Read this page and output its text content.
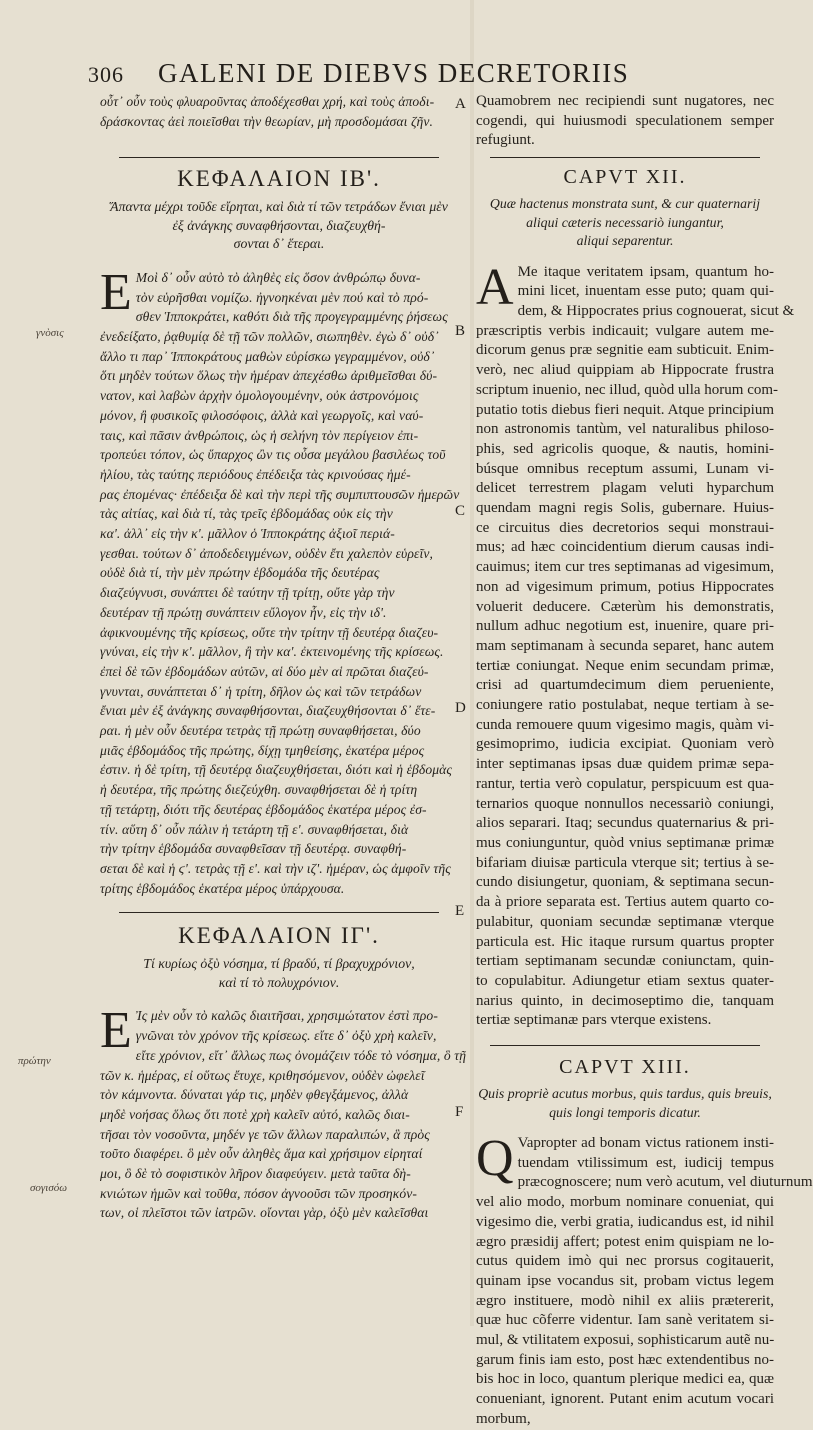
306 GALENI DE DIEBVS DECRETORIIS
A
B
C
D
E
F
γνὸσις
πρώτην
σογισόω
οὖτ᾽ οὖν τοὺς φλυαροῦντας ἀποδέχεσθαι χρή, καὶ τοὺς ἀποδι-
δράσκοντας ἀεὶ ποιεῖσθαι τὴν θεωρίαν, μὴ προσδομάσαι ζῆν.
ΚΕΦΑΛΑΙΟΝ ΙΒ'.
Ἅπαντα μέχρι τοῦδε εἴρηται, καὶ διὰ τί τῶν τετράδων ἔνιαι μὲν
ἐξ ἀνάγκης συναφθήσονται, διαζευχθή-
σονται δ᾽ ἕτεραι.
Ε Μοὶ δ᾽ οὖν αὐτὸ τὸ ἀληθὲς εἰς ὅσον ἀνθρώπῳ δυνα-
τὸν εὑρῆσθαι νομίζω. ἠγνοηκέναι μὲν πού καὶ τὸ πρό-
σθεν Ἱπποκράτει, καθότι διὰ τῆς προγεγραμμένης ῥήσεως
ἐνεδείξατο, ῥᾳθυμίᾳ δὲ τῇ τῶν πολλῶν, σιωπηθὲν. ἐγὼ δ᾽ οὐδ᾽
ἄλλο τι παρ᾽ Ἱπποκράτους μαθὼν εὑρίσκω γεγραμμένον, οὐδ᾽
ὅτι μηδὲν τούτων ὅλως τὴν ἡμέραν ἀπεχέσθω ἀριθμεῖσθαι δύ-
νατον, καὶ λαβὼν ἀρχὴν ὁμολογουμένην, οὐκ ἀστρονόμοις
μόνον, ἢ φυσικοῖς φιλοσόφοις, ἀλλὰ καὶ γεωργοῖς, καὶ ναύ-
ταις, καὶ πᾶσιν ἀνθρώποις, ὡς ἡ σελήνη τὸν περίγειον ἐπι-
τροπεύει τόπον, ὡς ὕπαρχος ὢν τις οὖσα μεγάλου βασιλέως τοῦ
ἡλίου, τὰς ταύτης περιόδους ἐπέδειξα τὰς κρινούσας ἡμέ-
ρας ἐπομένας· ἐπέδειξα δὲ καὶ τὴν περὶ τῆς συμπιπτουσῶν ἡμερῶν
τὰς αἰτίας, καὶ διὰ τί, τὰς τρεῖς ἑβδομάδας οὐκ εἰς τὴν
κα'. ἀλλ᾽ εἰς τὴν κ'. μᾶλλον ὁ Ἱπποκράτης ἀξιοῖ περιά-
γεσθαι. τούτων δ᾽ ἀποδεδειγμένων, οὐδὲν ἔτι χαλεπὸν εὑρεῖν,
οὐδὲ διὰ τί, τὴν μὲν πρώτην ἑβδομάδα τῆς δευτέρας
διαζεύγνυσι, συνάπτει δὲ ταύτην τῇ τρίτῃ, οὔτε γὰρ τὴν
δευτέραν τῇ πρώτῃ συνάπτειν εὔλογον ἦν, εἰς τὴν ιδ'.
ἀφικνουμένης τῆς κρίσεως, οὔτε τὴν τρίτην τῇ δευτέρᾳ διαζευ-
γνύναι, εἰς τὴν κ'. μᾶλλον, ἢ τὴν κα'. ἐκτεινομένης τῆς κρίσεως.
ἐπεὶ δὲ τῶν ἑβδομάδων αὐτῶν, αἱ δύο μὲν αἱ πρῶται διαζεύ-
γνυνται, συνάπτεται δ᾽ ἡ τρίτη, δῆλον ὡς καὶ τῶν τετράδων
ἔνιαι μὲν ἐξ ἀνάγκης συναφθήσονται, διαζευχθήσονται δ᾽ ἕτε-
ραι. ἡ μὲν οὖν δευτέρα τετρὰς τῇ πρώτῃ συναφθήσεται, δύο
μιᾶς ἑβδομάδος τῆς πρώτης, δίχῃ τμηθείσης, ἑκατέρα μέρος
ἐστιν. ἡ δὲ τρίτη, τῇ δευτέρᾳ διαζευχθήσεται, διότι καὶ ἡ ἑβδομὰς
ἡ δευτέρα, τῆς πρώτης διεζεύχθη. συναφθήσεται δὲ ἡ τρίτη
τῇ τετάρτῃ, διότι τῆς δευτέρας ἑβδομάδος ἑκατέρα μέρος ἐσ-
τίν. αὕτη δ᾽ οὖν πάλιν ἡ τετάρτη τῇ ε'. συναφθήσεται, διὰ
τὴν τρίτην ἑβδομάδα συναφθεῖσαν τῇ δευτέρᾳ. συναφθή-
σεται δὲ καὶ ἡ ϛ'. τετρὰς τῇ ε'. καὶ τὴν ιζ'. ἡμέραν, ὡς ἀμφοῖν τῆς
τρίτης ἑβδομάδος ἑκατέρα μέρος ὑπάρχουσα.
ΚΕΦΑΛΑΙΟΝ ΙΓ'.
Τί κυρίως ὀξὺ νόσημα, τί βραδύ, τί βραχυχρόνιον,
καὶ τί τὸ πολυχρόνιον.
Ε Ἰς μὲν οὖν τὸ καλῶς διαιτῆσαι, χρησιμώτατον ἐστὶ προ-
γνῶναι τὸν χρόνον τῆς κρίσεως. εἴτε δ᾽ ὀξὺ χρὴ καλεῖν,
εἴτε χρόνιον, εἴτ᾽ ἄλλως πως ὀνομάζειν τόδε τὸ νόσημα, ὃ τῇ
τῶν κ. ἡμέρας, εἰ οὕτως ἔτυχε, κριθησόμενον, οὐδὲν ὠφελεῖ
τὸν κάμνοντα. δύναται γάρ τις, μηδὲν φθεγξάμενος, ἀλλὰ
μηδὲ νοήσας ὅλως ὅτι ποτὲ χρὴ καλεῖν αὐτό, καλῶς διαι-
τῆσαι τὸν νοσοῦντα, μηδέν γε τῶν ἄλλων παραλιπών, ἃ πρὸς
τοῦτο διαφέρει. ὃ μὲν οὖν ἀληθὲς ἅμα καὶ χρήσιμον εἰρηταί
μοι, ὃ δὲ τὸ σοφιστικὸν λῆρον διαφεύγειν. μετὰ ταῦτα δὴ-
κνιώτων ἡμῶν καὶ τοῦθα, πόσον ἀγνοοῦσι τῶν προσηκόν-
των, οἱ πλεῖστοι τῶν ἰατρῶν. οἴονται γὰρ, ὀξὺ μὲν καλεῖσθαι
Quamobrem nec recipiendi sunt nugatores, nec
cogendi, qui huiusmodi speculationem semper
refugiunt.
CAPVT XII.
Quæ hactenus monstrata sunt, & cur quaternarij
aliqui cæteris necessariò iungantur,
aliqui separentur.
A Me itaque veritatem ipsam, quantum ho-
mini licet, inuentam esse puto; quam qui-
dem, & Hippocrates prius cognouerat, sicut &
præscriptis verbis indicauit; vulgare autem me-
dicorum genus præ segnitie eam subticuit. Enim-
verò, nec aliud quippiam ab Hippocrate frustra
scriptum inuenio, nec illud, quòd ulla horum com-
putatio totis diebus fieri nequit. Atque principium
non astronomis tantùm, vel naturalibus philoso-
phis, sed agricolis quoque, & nautis, homini-
búsque omnibus receptum assumi, Lunam vi-
delicet terrestrem plagam veluti hyparchum
quendam magni regis Solis, gubernare. Huius-
ce circuitus dies decretorios sequi monstraui-
mus; ad hæc coincidentium dierum causas indi-
cauimus; item cur tres septimanas ad vigesimum,
non ad vigesimum primum, potius Hippocrates
voluerit deducere. Cæterùm his demonstratis,
nullum adhuc negotium est, inuenire, quare pri-
mam septimanam à secunda separet, hanc autem
tertiæ coniungat. Neque enim secundam primæ,
crisi ad quartumdecimum diem perueniente,
coniungere ratio postulabat, neque tertiam à se-
cunda remouere quum vigesimo magis, quàm vi-
gesimoprimo, iudicia excipiat. Quoniam verò
inter septimanas ipsas duæ quidem primæ sepa-
rantur, tertia verò copulatur, perspicuum est qua-
ternarios quoque nonnullos necessariò coniungi,
alios separari. Itaq; secundus quaternarius & pri-
mus coniunguntur, quòd vnius septimanæ primæ
bifariam diuisæ particula vterque sit; tertius à se-
cundo disiungetur, quoniam, & septimana secun-
da à priore separata est. Tertius autem quarto co-
pulabitur, quoniam secundæ septimanæ vterque
particula est. Hic itaque rursum quartus propter
tertiam septimanam secundæ coniunctam, quin-
to copulabitur. Adiungetur etiam sextus quater-
narius quinto, in decimoseptimo die, tanquam
tertiæ septimanæ pars vterque existens.
CAPVT XIII.
Quis propriè acutus morbus, quis tardus, quis breuis,
quis longi temporis dicatur.
Q Vapropter ad bonam victus rationem insti-
tuendam vtilissimum est, iudicij tempus
præcognoscere; num verò acutum, vel diuturnum
vel alio modo, morbum nominare conueniat, qui
vigesimo die, verbi gratia, iudicandus est, id nihil
ægro præsidij affert; potest enim quispiam ne lo-
cutus quidem imò qui nec prorsus cogitauerit,
quinam ipse vocandus sit, probam victus legem
ægro instituere, modò nihil ex aliis prætererit,
quæ huc cõferre videntur. Iam sanè veritatem si-
mul, & vtilitatem exposui, sophisticarum autẽ nu-
garum finis iam esto, post hæc extendentibus no-
bis hoc in loco, quantum plerique medici ea, quæ
conueniant, ignorent. Putant enim acutum vocari
morbum,
